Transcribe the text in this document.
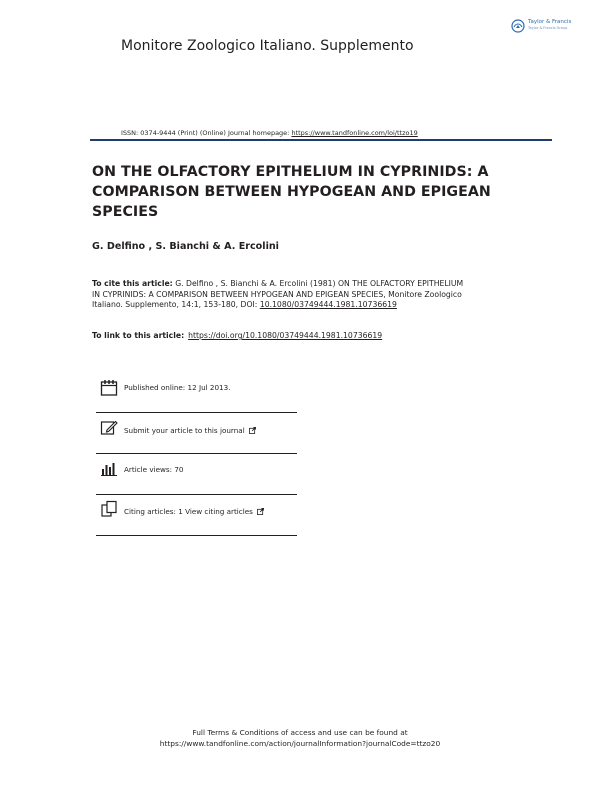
Monitore Zoologico Italiano. Supplemento
Taylor & Francis
Taylor & Francis Group
ISSN: 0374-9444 (Print) (Online) Journal homepage: https://www.tandfonline.com/loi/ttzo19
ON THE OLFACTORY EPITHELIUM IN CYPRINIDS: A COMPARISON BETWEEN HYPOGEAN AND EPIGEAN SPECIES
G. Delfino , S. Bianchi & A. Ercolini
To cite this article: G. Delfino , S. Bianchi & A. Ercolini (1981) ON THE OLFACTORY EPITHELIUM IN CYPRINIDS: A COMPARISON BETWEEN HYPOGEAN AND EPIGEAN SPECIES, Monitore Zoologico Italiano. Supplemento, 14:1, 153-180, DOI: 10.1080/03749444.1981.10736619
To link to this article: https://doi.org/10.1080/03749444.1981.10736619
Published online: 12 Jul 2013.
Submit your article to this journal
Article views: 70
Citing articles: 1 View citing articles
Full Terms & Conditions of access and use can be found at
https://www.tandfonline.com/action/journalInformation?journalCode=ttzo20
